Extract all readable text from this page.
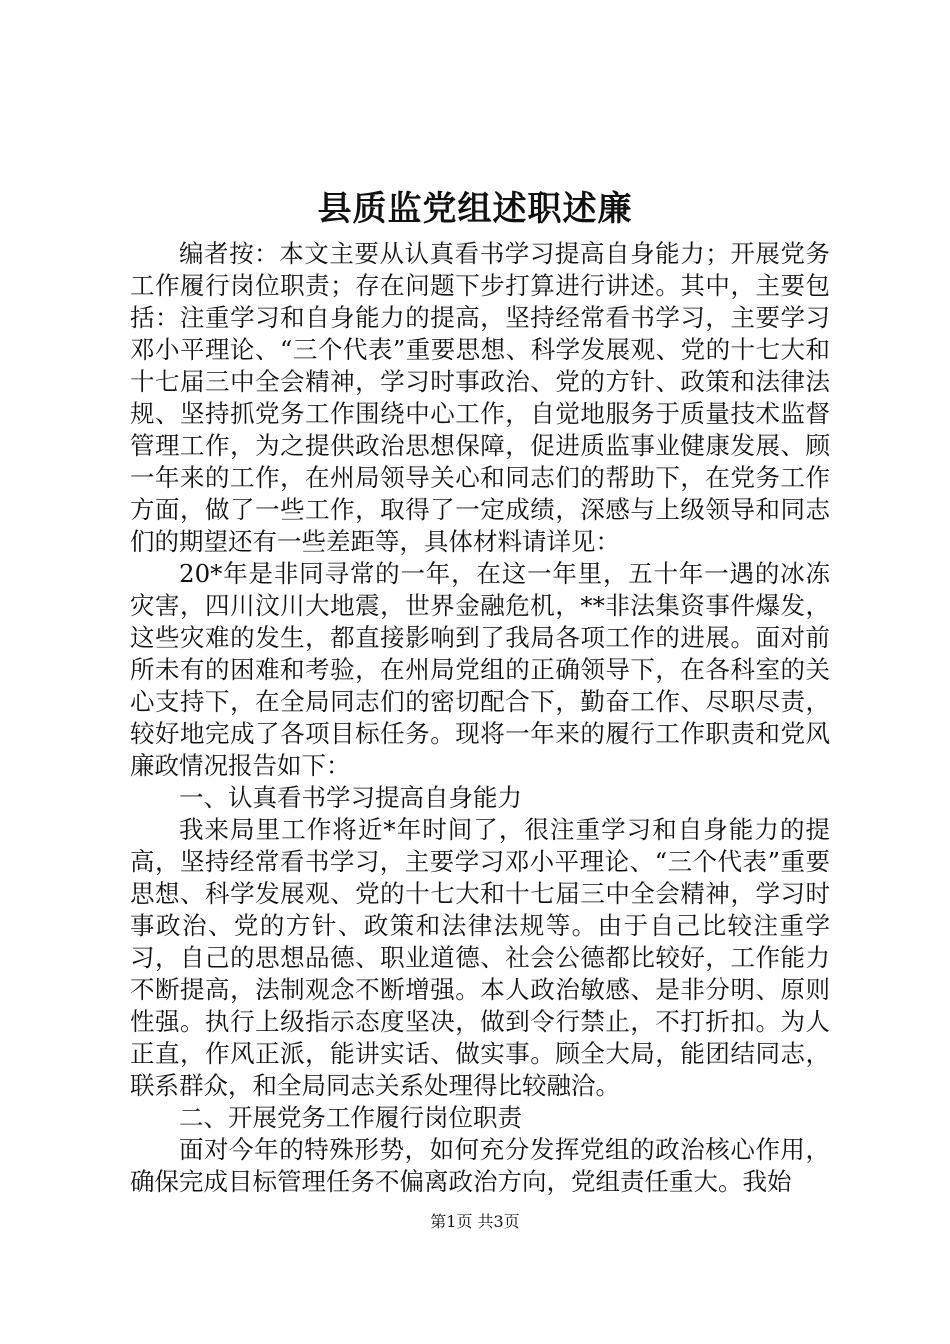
县质监党组述职述廉

编者按：本文主要从认真看书学习提高自身能力；开展党务工作履行岗位职责；存在问题下步打算进行讲述。其中，主要包括：注重学习和自身能力的提高，坚持经常看书学习，主要学习邓小平理论、“三个代表”重要思想、科学发展观、党的十七大和十七届三中全会精神，学习时事政治、党的方针、政策和法律法规、坚持抓党务工作围绕中心工作，自觉地服务于质量技术监督管理工作，为之提供政治思想保障，促进质监事业健康发展、顾一年来的工作，在州局领导关心和同志们的帮助下，在党务工作方面，做了一些工作，取得了一定成绩，深感与上级领导和同志们的期望还有一些差距等，具体材料请详见：

20*年是非同寻常的一年，在这一年里，五十年一遇的冰冻灾害，四川汶川大地震，世界金融危机，**非法集资事件爆发，这些灾难的发生，都直接影响到了我局各项工作的进展。面对前所未有的困难和考验，在州局党组的正确领导下，在各科室的关心支持下，在全局同志们的密切配合下，勤奋工作、尽职尽责，较好地完成了各项目标任务。现将一年来的履行工作职责和党风廉政情况报告如下：

一、认真看书学习提高自身能力

我来局里工作将近*年时间了，很注重学习和自身能力的提高，坚持经常看书学习，主要学习邓小平理论、“三个代表”重要思想、科学发展观、党的十七大和十七届三中全会精神，学习时事政治、党的方针、政策和法律法规等。由于自己比较注重学习，自己的思想品德、职业道德、社会公德都比较好，工作能力不断提高，法制观念不断增强。本人政治敏感、是非分明、原则性强。执行上级指示态度坚决，做到令行禁止，不打折扣。为人正直，作风正派，能讲实话、做实事。顾全大局，能团结同志，联系群众，和全局同志关系处理得比较融洽。

二、开展党务工作履行岗位职责

面对今年的特殊形势，如何充分发挥党组的政治核心作用，确保完成目标管理任务不偏离政治方向，党组责任重大。我始

第1页 共3页
